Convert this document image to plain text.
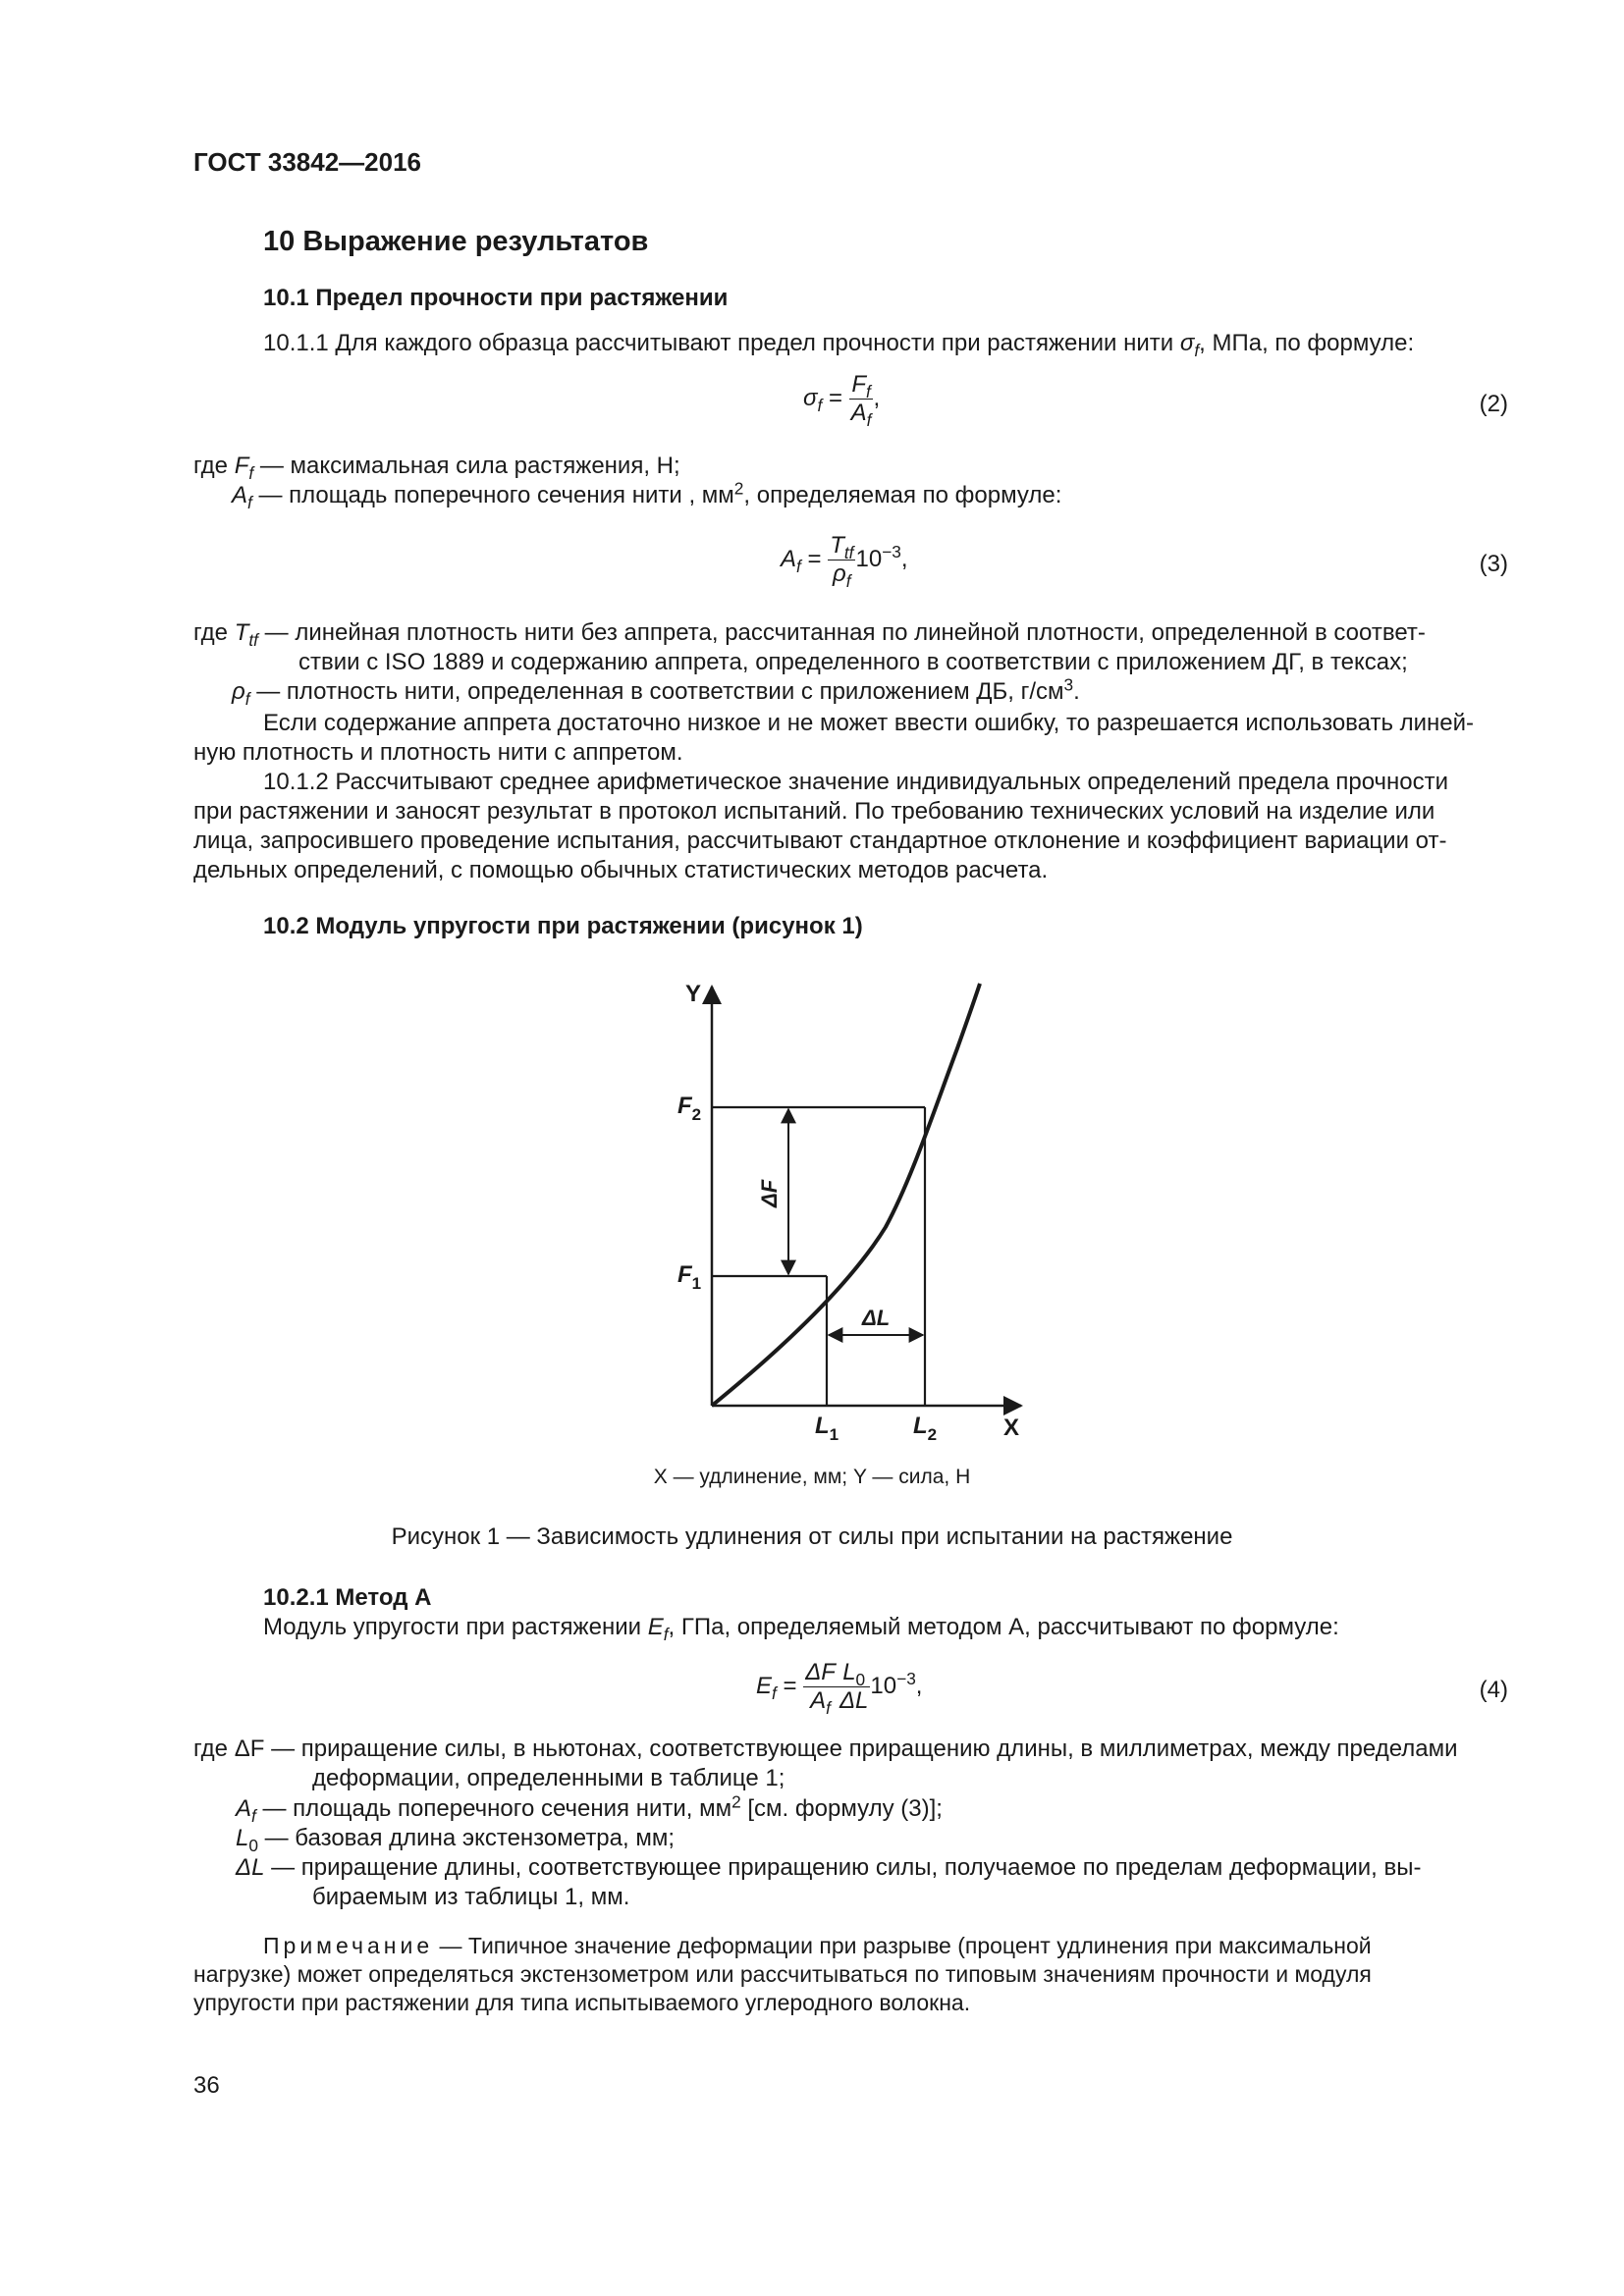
ГОСТ 33842—2016
10 Выражение результатов
10.1 Предел прочности при растяжении
10.1.1 Для каждого образца рассчитывают предел прочности при растяжении нити $\sigma_f$, МПа, по формуле:
$\sigma_f = \frac{F_f}{A_f}$ ,	(2)
где $F_f$ — максимальная сила растяжения, Н;
$A_f$ — площадь поперечного сечения нити , $мм^2$, определяемая по формуле:
$A_f = \frac{T_{tf}}{\rho_f} 10^{-3}$,	(3)
где $T_{tf}$ — линейная плотность нити без аппрета, рассчитанная по линейной плотности, определенной в соответ-
ствии с ISO 1889 и содержанию аппрета, определенного в соответствии с приложением ДГ, в тексах;
$\rho_f$ — плотность нити, определенная в соответствии с приложением ДБ, $г/см^3$.
Если содержание аппрета достаточно низкое и не может ввести ошибку, то разрешается использовать линей-
ную плотность и плотность нити с аппретом.
10.1.2 Рассчитывают среднее арифметическое значение индивидуальных определений предела прочности
при растяжении и заносят результат в протокол испытаний. По требованию технических условий на изделие или
лица, запросившего проведение испытания, рассчитывают стандартное отклонение и коэффициент вариации от-
дельных определений, с помощью обычных статистических методов расчета.
10.2 Модуль упругости при растяжении (рисунок 1)
Y
X
$F_2$
$F_1$
$L_1$	$L_2$
ΔF
ΔL
X — удлинение, мм; Y — сила, Н
Рисунок 1 — Зависимость удлинения от силы при испытании на растяжение
10.2.1 Метод А
Модуль упругости при растяжении $E_f$, ГПа, определяемый методом А, рассчитывают по формуле:
$E_f = \frac{\Delta F}{A_f} \frac{L_0}{\Delta L} 10^{-3}$,	(4)
где ΔF — приращение силы, в ньютонах, соответствующее приращению длины, в миллиметрах, между пределами
деформации, определенными в таблице 1;
$A_f$ — площадь поперечного сечения нити, $мм^2$ [см. формулу (3)];
$L_0$ — базовая длина экстензометра, мм;
ΔL — приращение длины, соответствующее приращению силы, получаемое по пределам деформации, вы-
бираемым из таблицы 1, мм.
Примечание — Типичное значение деформации при разрыве (процент удлинения при максимальной
нагрузке) может определяться экстензометром или рассчитываться по типовым значениям прочности и модуля
упругости при растяжении для типа испытываемого углеродного волокна.
36
